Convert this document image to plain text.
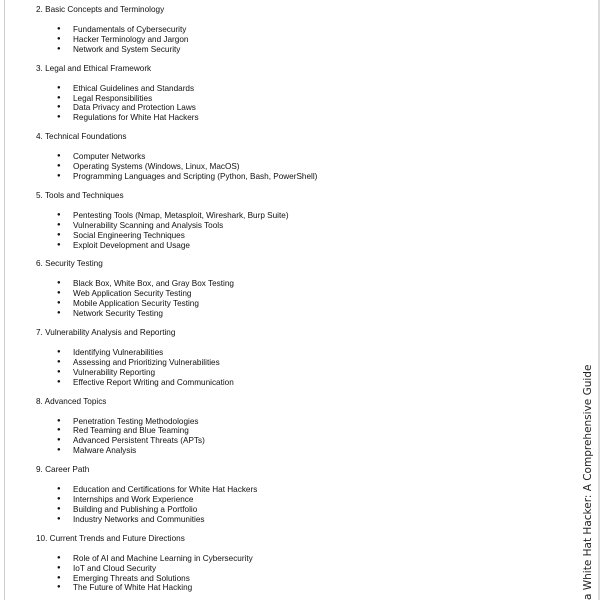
2. Basic Concepts and Terminology

● Fundamentals of Cybersecurity
● Hacker Terminology and Jargon
● Network and System Security

3. Legal and Ethical Framework

● Ethical Guidelines and Standards
● Legal Responsibilities
● Data Privacy and Protection Laws
● Regulations for White Hat Hackers

4. Technical Foundations

● Computer Networks
● Operating Systems (Windows, Linux, MacOS)
● Programming Languages and Scripting (Python, Bash, PowerShell)

5. Tools and Techniques

● Pentesting Tools (Nmap, Metasploit, Wireshark, Burp Suite)
● Vulnerability Scanning and Analysis Tools
● Social Engineering Techniques
● Exploit Development and Usage

6. Security Testing

● Black Box, White Box, and Gray Box Testing
● Web Application Security Testing
● Mobile Application Security Testing
● Network Security Testing

7. Vulnerability Analysis and Reporting

● Identifying Vulnerabilities
● Assessing and Prioritizing Vulnerabilities
● Vulnerability Reporting
● Effective Report Writing and Communication

8. Advanced Topics

● Penetration Testing Methodologies
● Red Teaming and Blue Teaming
● Advanced Persistent Threats (APTs)
● Malware Analysis

9. Career Path

● Education and Certifications for White Hat Hackers
● Internships and Work Experience
● Building and Publishing a Portfolio
● Industry Networks and Communities

10. Current Trends and Future Directions

● Role of AI and Machine Learning in Cybersecurity
● IoT and Cloud Security
● Emerging Threats and Solutions
● The Future of White Hat Hacking	a White Hat Hacker: A Comprehensive Guide
